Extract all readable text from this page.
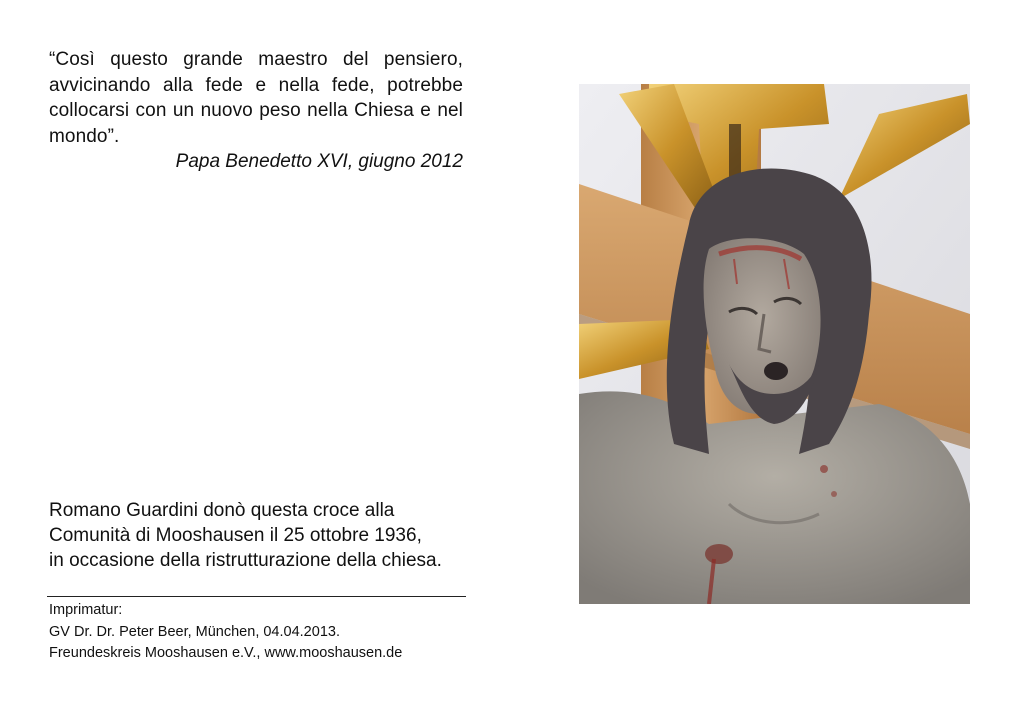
“Così questo grande maestro del pensiero, avvicinando alla fede e nella fede, potrebbe collocarsi con un nuovo peso nella Chiesa e nel mondo”.
Papa Benedetto XVI, giugno 2012
Romano Guardini donò questa croce alla
Comunità di Mooshausen il 25 ottobre 1936,
in occasione della ristrutturazione della chiesa.
Imprimatur:
GV Dr. Dr. Peter Beer, München, 04.04.2013.
Freundeskreis Mooshausen e.V., www.mooshausen.de
